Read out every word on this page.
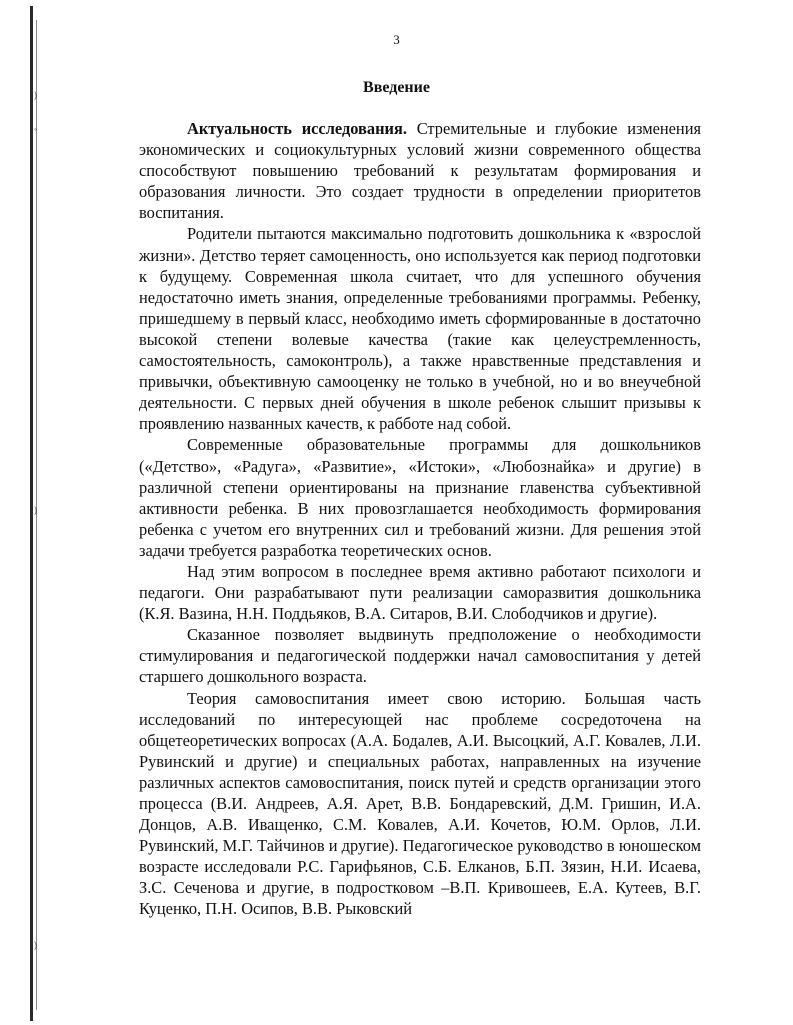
)
◦
)
)
3
Введение

Актуальность исследования. Стремительные и глубокие изменения экономических и социокультурных условий жизни современного общества способствуют повышению требований к результатам формирования и образования личности. Это создает трудности в определении приоритетов воспитания.

Родители пытаются максимально подготовить дошкольника к «взрослой жизни». Детство теряет самоценность, оно используется как период подготовки к будущему. Современная школа считает, что для успешного обучения недостаточно иметь знания, определенные требованиями программы. Ребенку, пришедшему в первый класс, необходимо иметь сформированные в достаточно высокой степени волевые качества (такие как целеустремленность, самостоятельность, самоконтроль), а также нравственные представления и привычки, объективную самооценку не только в учебной, но и во внеучебной деятельности. С первых дней обучения в школе ребенок слышит призывы к проявлению названных качеств, к рабботе над собой.

Современные образовательные программы для дошкольников («Детство», «Радуга», «Развитие», «Истоки», «Любознайка» и другие) в различной степени ориентированы на признание главенства субъективной активности ребенка. В них провозглашается необходимость формирования ребенка с учетом его внутренних сил и требований жизни. Для решения этой задачи требуется разработка теоретических основ.

Над этим вопросом в последнее время активно работают психологи и педагоги. Они разрабатывают пути реализации саморазвития дошкольника (К.Я. Вазина, Н.Н. Поддьяков, В.А. Ситаров, В.И. Слободчиков и другие).

Сказанное позволяет выдвинуть предположение о необходимости стимулирования и педагогической поддержки начал самовоспитания у детей старшего дошкольного возраста.

Теория самовоспитания имеет свою историю. Большая часть исследований по интересующей нас проблеме сосредоточена на общетеоретических вопросах (А.А. Бодалев, А.И. Высоцкий, А.Г. Ковалев, Л.И. Рувинский и другие) и специальных работах, направленных на изучение различных аспектов самовоспитания, поиск путей и средств организации этого процесса (В.И. Андреев, А.Я. Арет, В.В. Бондаревский, Д.М. Гришин, И.А. Донцов, А.В. Иващенко, С.М. Ковалев, А.И. Кочетов, Ю.М. Орлов, Л.И. Рувинский, М.Г. Тайчинов и другие). Педагогическое руководство в юношеском возрасте исследовали Р.С. Гарифьянов, С.Б. Елканов, Б.П. Зязин, Н.И. Исаева, З.С. Сеченова и другие, в подростковом –В.П. Кривошеев, Е.А. Кутеев, В.Г. Куценко, П.Н. Осипов, В.В. Рыковский
